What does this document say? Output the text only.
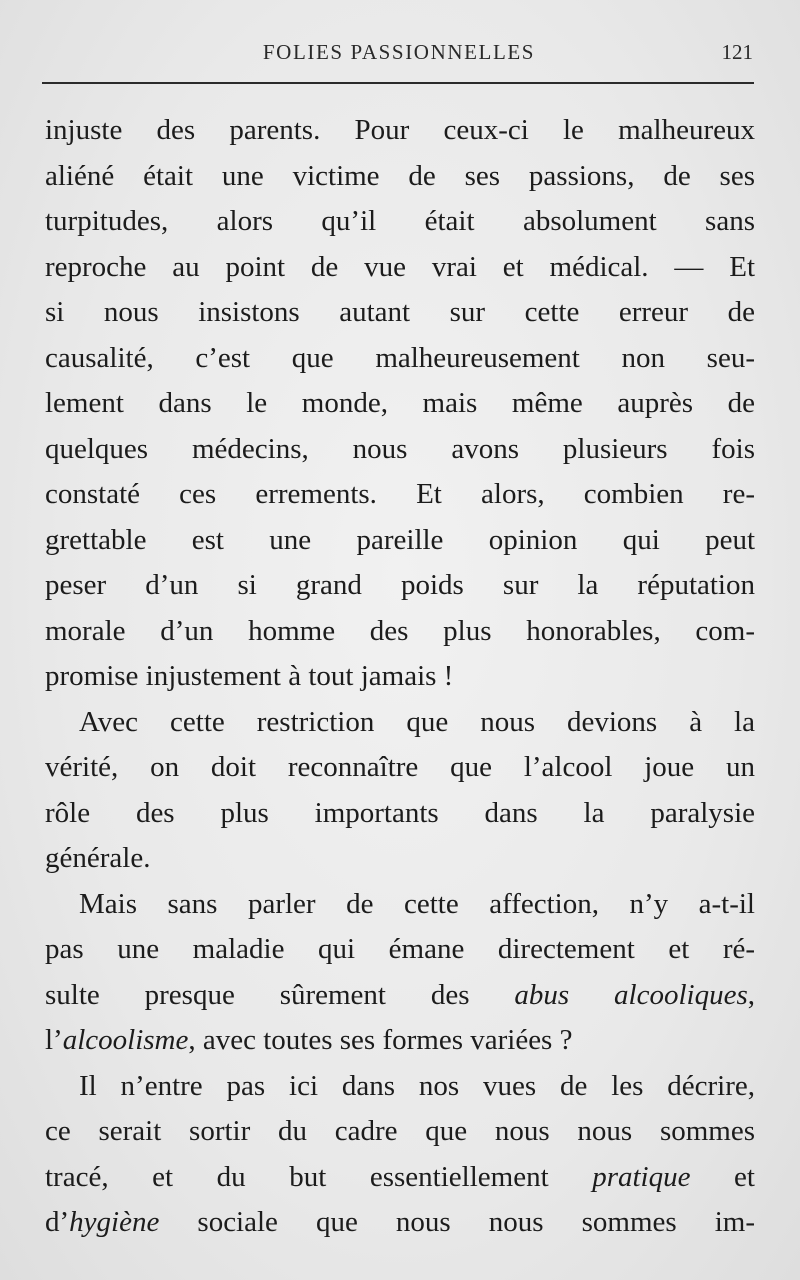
FOLIES PASSIONNELLES	121
injuste des parents. Pour ceux-ci le malheureux
aliéné était une victime de ses passions, de ses
turpitudes, alors qu’il était absolument sans
reproche au point de vue vrai et médical. — Et
si nous insistons autant sur cette erreur de
causalité, c’est que malheureusement non seu-
lement dans le monde, mais même auprès de
quelques médecins, nous avons plusieurs fois
constaté ces errements. Et alors, combien re-
grettable est une pareille opinion qui peut
peser d’un si grand poids sur la réputation
morale d’un homme des plus honorables, com-
promise injustement à tout jamais !
Avec cette restriction que nous devions à la
vérité, on doit reconnaître que l’alcool joue un
rôle des plus importants dans la paralysie
générale.
Mais sans parler de cette affection, n’y a-t-il
pas une maladie qui émane directement et ré-
sulte presque sûrement des abus alcooliques,
l’alcoolisme, avec toutes ses formes variées ?
Il n’entre pas ici dans nos vues de les décrire,
ce serait sortir du cadre que nous nous sommes
tracé, et du but essentiellement pratique et
d’hygiène sociale que nous nous sommes im-
